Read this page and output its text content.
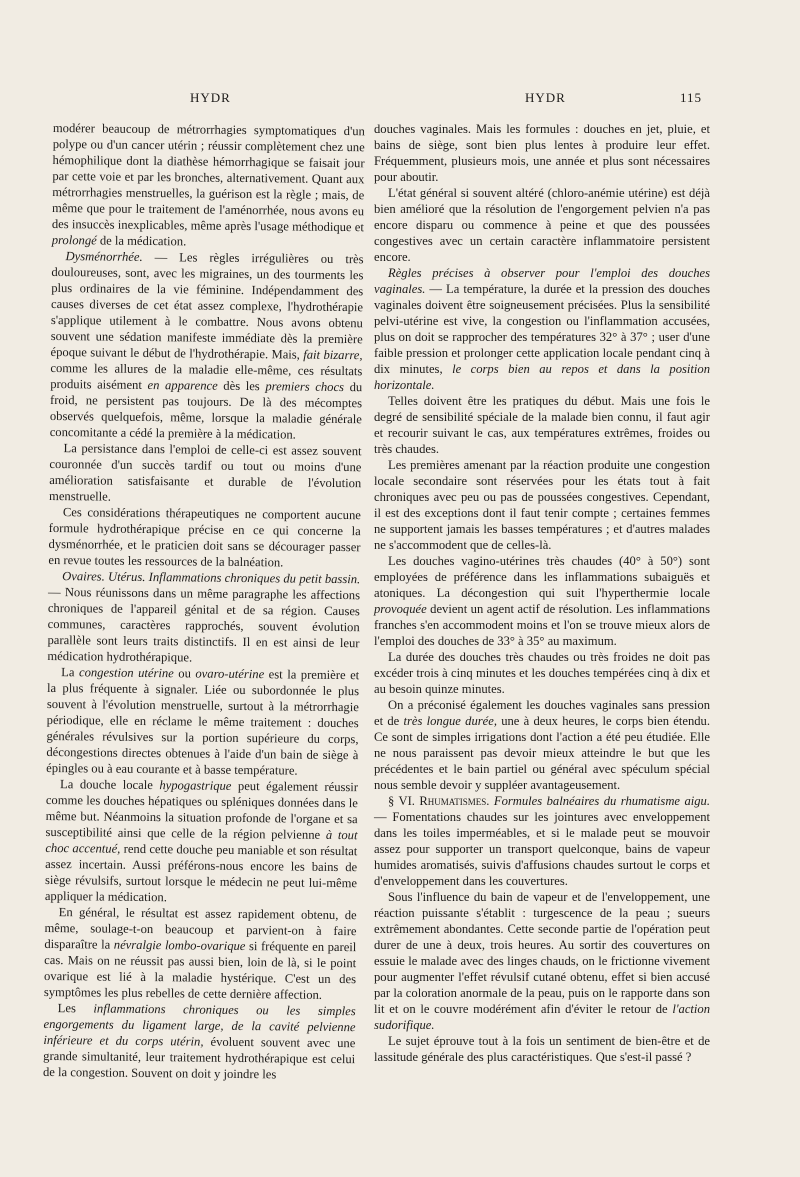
HYDR	HYDR	115

modérer beaucoup de métrorrhagies symptomatiques d'un polype ou d'un cancer utérin ; réussir complètement chez une hémophilique dont la diathèse hémorrhagique se faisait jour par cette voie et par les bronches, alternativement. Quant aux métrorrhagies menstruelles, la guérison est la règle ; mais, de même que pour le traitement de l'aménorrhée, nous avons eu des insuccès inexplicables, même après l'usage méthodique et prolongé de la médication.

Dysménorrhée. — Les règles irrégulières ou très douloureuses, sont, avec les migraines, un des tourments les plus ordinaires de la vie féminine. Indépendamment des causes diverses de cet état assez complexe, l'hydrothérapie s'applique utilement à le combattre. Nous avons obtenu souvent une sédation manifeste immédiate dès la première époque suivant le début de l'hydrothérapie. Mais, fait bizarre, comme les allures de la maladie elle-même, ces résultats produits aisément en apparence dès les premiers chocs du froid, ne persistent pas toujours. De là des mécomptes observés quelquefois, même, lorsque la maladie générale concomitante a cédé la première à la médication.

La persistance dans l'emploi de celle-ci est assez souvent couronnée d'un succès tardif ou tout ou moins d'une amélioration satisfaisante et durable de l'évolution menstruelle.

Ces considérations thérapeutiques ne comportent aucune formule hydrothérapique précise en ce qui concerne la dysménorrhée, et le praticien doit sans se décourager passer en revue toutes les ressources de la balnéation.

Ovaires. Utérus. Inflammations chroniques du petit bassin. — Nous réunissons dans un même paragraphe les affections chroniques de l'appareil génital et de sa région. Causes communes, caractères rapprochés, souvent évolution parallèle sont leurs traits distinctifs. Il en est ainsi de leur médication hydrothérapique.

La congestion utérine ou ovaro-utérine est la première et la plus fréquente à signaler. Liée ou subordonnée le plus souvent à l'évolution menstruelle, surtout à la métrorrhagie périodique, elle en réclame le même traitement : douches générales révulsives sur la portion supérieure du corps, décongestions directes obtenues à l'aide d'un bain de siège à épingles ou à eau courante et à basse température.

La douche locale hypogastrique peut également réussir comme les douches hépatiques ou spléniques données dans le même but. Néanmoins la situation profonde de l'organe et sa susceptibilité ainsi que celle de la région pelvienne à tout choc accentué, rend cette douche peu maniable et son résultat assez incertain. Aussi préférons-nous encore les bains de siège révulsifs, surtout lorsque le médecin ne peut lui-même appliquer la médication.

En général, le résultat est assez rapidement obtenu, de même, soulage-t-on beaucoup et parvient-on à faire disparaître la névralgie lombo-ovarique si fréquente en pareil cas. Mais on ne réussit pas aussi bien, loin de là, si le point ovarique est lié à la maladie hystérique. C'est un des symptômes les plus rebelles de cette dernière affection.

Les inflammations chroniques ou les simples engorgements du ligament large, de la cavité pelvienne inférieure et du corps utérin, évoluent souvent avec une grande simultanité, leur traitement hydrothérapique est celui de la congestion. Souvent on doit y joindre les

douches vaginales. Mais les formules : douches en jet, pluie, et bains de siège, sont bien plus lentes à produire leur effet. Fréquemment, plusieurs mois, une année et plus sont nécessaires pour aboutir.

L'état général si souvent altéré (chloro-anémie utérine) est déjà bien amélioré que la résolution de l'engorgement pelvien n'a pas encore disparu ou commence à peine et que des poussées congestives avec un certain caractère inflammatoire persistent encore.

Règles précises à observer pour l'emploi des douches vaginales. — La température, la durée et la pression des douches vaginales doivent être soigneusement précisées. Plus la sensibilité pelvi-utérine est vive, la congestion ou l'inflammation accusées, plus on doit se rapprocher des températures 32° à 37° ; user d'une faible pression et prolonger cette application locale pendant cinq à dix minutes, le corps bien au repos et dans la position horizontale.

Telles doivent être les pratiques du début. Mais une fois le degré de sensibilité spéciale de la malade bien connu, il faut agir et recourir suivant le cas, aux températures extrêmes, froides ou très chaudes.

Les premières amenant par la réaction produite une congestion locale secondaire sont réservées pour les états tout à fait chroniques avec peu ou pas de poussées congestives. Cependant, il est des exceptions dont il faut tenir compte ; certaines femmes ne supportent jamais les basses températures ; et d'autres malades ne s'accommodent que de celles-là.

Les douches vagino-utérines très chaudes (40° à 50°) sont employées de préférence dans les inflammations subaiguës et atoniques. La décongestion qui suit l'hyperthermie locale provoquée devient un agent actif de résolution. Les inflammations franches s'en accommodent moins et l'on se trouve mieux alors de l'emploi des douches de 33° à 35° au maximum.

La durée des douches très chaudes ou très froides ne doit pas excéder trois à cinq minutes et les douches tempérées cinq à dix et au besoin quinze minutes.

On a préconisé également les douches vaginales sans pression et de très longue durée, une à deux heures, le corps bien étendu. Ce sont de simples irrigations dont l'action a été peu étudiée. Elle ne nous paraissent pas devoir mieux atteindre le but que les précédentes et le bain partiel ou général avec spéculum spécial nous semble devoir y suppléer avantageusement.

§ VI. Rhumatismes. Formules balnéaires du rhumatisme aigu. — Fomentations chaudes sur les jointures avec enveloppement dans les toiles imperméables, et si le malade peut se mouvoir assez pour supporter un transport quelconque, bains de vapeur humides aromatisés, suivis d'affusions chaudes surtout le corps et d'enveloppement dans les couvertures.

Sous l'influence du bain de vapeur et de l'enveloppement, une réaction puissante s'établit : turgescence de la peau ; sueurs extrêmement abondantes. Cette seconde partie de l'opération peut durer de une à deux, trois heures. Au sortir des couvertures on essuie le malade avec des linges chauds, on le frictionne vivement pour augmenter l'effet révulsif cutané obtenu, effet si bien accusé par la coloration anormale de la peau, puis on le rapporte dans son lit et on le couvre modérément afin d'éviter le retour de l'action sudorifique.

Le sujet éprouve tout à la fois un sentiment de bien-être et de lassitude générale des plus caractéristiques. Que s'est-il passé ?
